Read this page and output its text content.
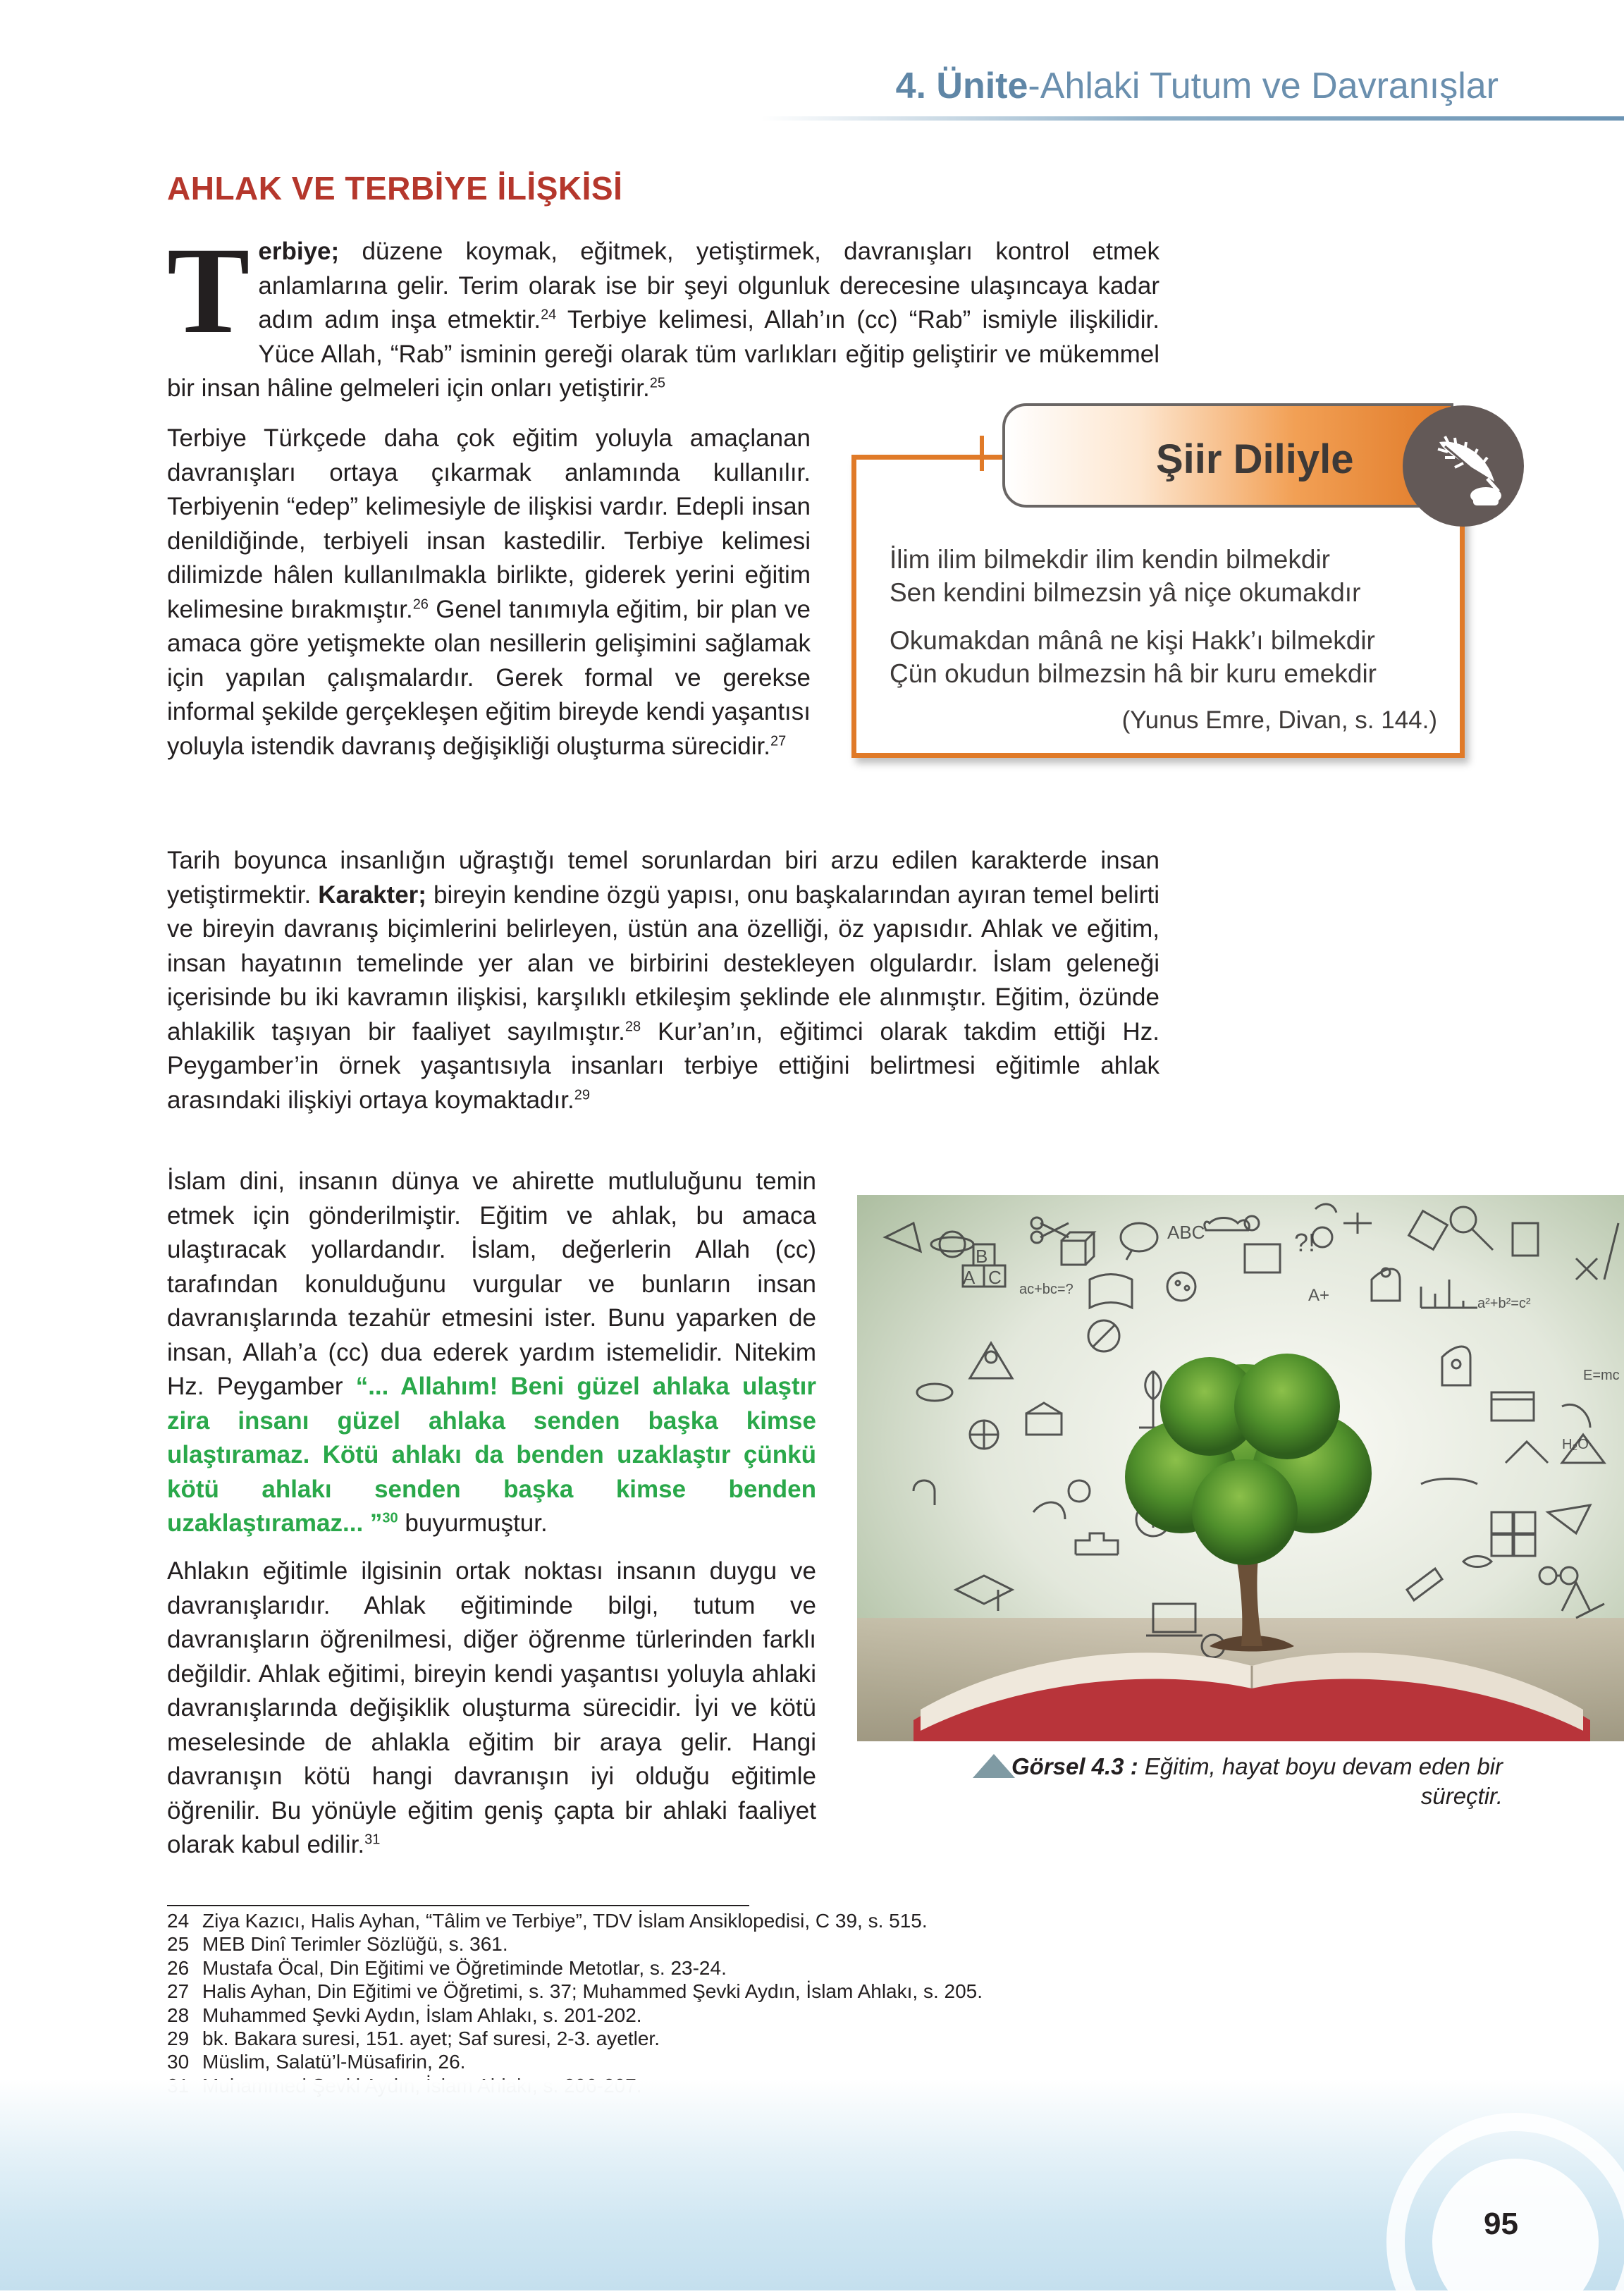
4. Ünite-Ahlaki Tutum ve Davranışlar
AHLAK VE TERBİYE İLİŞKİSİ

Terbiye; düzene koymak, eğitmek, yetiştirmek, davranışları kontrol etmek anlamlarına gelir. Terim olarak ise bir şeyi olgunluk derecesine ulaşıncaya kadar adım adım inşa etmektir.$^{24}$ Terbiye kelimesi, Allah’ın (cc) “Rab” ismiyle ilişkilidir. Yüce Allah, “Rab” isminin gereği olarak tüm varlıkları eğitip geliştirir ve mükemmel bir insan hâline gelmeleri için onları yetiştirir.$^{25}$

Terbiye Türkçede daha çok eğitim yoluyla amaçlanan davranışları ortaya çıkarmak anlamında kullanılır. Terbiyenin “edep” kelimesiyle de ilişkisi vardır. Edepli insan denildiğinde, terbiyeli insan kastedilir. Terbiye kelimesi dilimizde hâlen kullanılmakla birlikte, giderek yerini eğitim kelimesine bırakmıştır.$^{26}$ Genel tanımıyla eğitim, bir plan ve amaca göre yetişmekte olan nesillerin gelişimini sağlamak için yapılan çalışmalardır. Gerek formal ve gerekse informal şekilde gerçekleşen eğitim bireyde kendi yaşantısı yoluyla istendik davranış değişikliği oluşturma sürecidir.$^{27}$

Şiir Diliyle
İlim ilim bilmekdir ilim kendin bilmekdir
Sen kendini bilmezsin yâ niçe okumakdır
Okumakdan mânâ ne kişi Hakk’ı bilmekdir
Çün okudun bilmezsin hâ bir kuru emekdir
(Yunus Emre, Divan, s. 144.)

Tarih boyunca insanlığın uğraştığı temel sorunlardan biri arzu edilen karakterde insan yetiştirmektir. Karakter; bireyin kendine özgü yapısı, onu başkalarından ayıran temel belirti ve bireyin davranış biçimlerini belirleyen, üstün ana özelliği, öz yapısıdır. Ahlak ve eğitim, insan hayatının temelinde yer alan ve birbirini destekleyen olgulardır. İslam geleneği içerisinde bu iki kavramın ilişkisi, karşılıklı etkileşim şeklinde ele alınmıştır. Eğitim, özünde ahlakilik taşıyan bir faaliyet sayılmıştır.$^{28}$ Kur’an’ın, eğitimci olarak takdim ettiği Hz. Peygamber’in örnek yaşantısıyla insanları terbiye ettiğini belirtmesi eğitimle ahlak arasındaki ilişkiyi ortaya koymaktadır.$^{29}$

İslam dini, insanın dünya ve ahirette mutluluğunu temin etmek için gönderilmiştir. Eğitim ve ahlak, bu amaca ulaştıracak yollardandır. İslam, değerlerin Allah (cc) tarafından konulduğunu vurgular ve bunların insan davranışlarında tezahür etmesini ister. Bunu yaparken de insan, Allah’a (cc) dua ederek yardım istemelidir. Nitekim Hz. Peygamber “... Allahım! Beni güzel ahlaka ulaştır zira insanı güzel ahlaka senden başka kimse ulaştıramaz. Kötü ahlakı da benden uzaklaştır çünkü kötü ahlakı senden başka kimse benden uzaklaştıramaz... ”$^{30}$ buyurmuştur.

Ahlakın eğitimle ilgisinin ortak noktası insanın duygu ve davranışlarıdır. Ahlak eğitiminde bilgi, tutum ve davranışların öğrenilmesi, diğer öğrenme türlerinden farklı değildir. Ahlak eğitimi, bireyin kendi yaşantısı yoluyla ahlaki davranışlarında değişiklik oluşturma sürecidir. İyi ve kötü meselesinde de ahlakla eğitim bir araya gelir. Hangi davranışın kötü hangi davranışın iyi olduğu eğitimle öğrenilir. Bu yönüyle eğitim geniş çapta bir ahlaki faaliyet olarak kabul edilir.$^{31}$

ABC
A
B
C
ac+bc=?
?!
E=mc
H₂O
a²+b²=c²
A+
Görsel 4.3 : Eğitim, hayat boyu devam eden bir süreçtir.
24 Ziya Kazıcı, Halis Ayhan, “Tâlim ve Terbiye”, TDV İslam Ansiklopedisi, C 39, s. 515.
25 MEB Dinî Terimler Sözlüğü, s. 361.
26 Mustafa Öcal, Din Eğitimi ve Öğretiminde Metotlar, s. 23-24.
27 Halis Ayhan, Din Eğitimi ve Öğretimi, s. 37; Muhammed Şevki Aydın, İslam Ahlakı, s. 205.
28 Muhammed Şevki Aydın, İslam Ahlakı, s. 201-202.
29 bk. Bakara suresi, 151. ayet; Saf suresi, 2-3. ayetler.
30 Müslim, Salatü’l-Müsafirin, 26.
95
